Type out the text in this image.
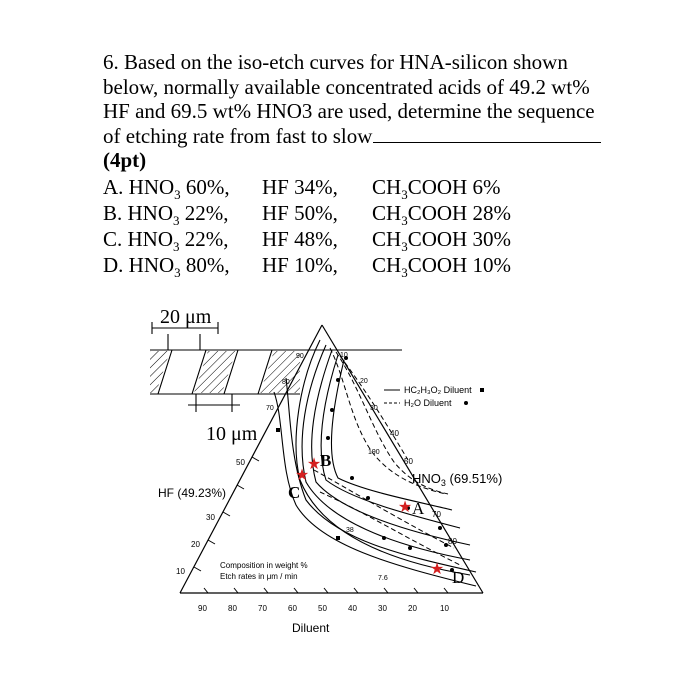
6. Based on the iso-etch curves for HNA-silicon shown

below, normally available concentrated acids of 49.2 wt%

HF and 69.5 wt% HNO3 are used, determine the sequence

of etching rate from fast to slow

(4pt)

A. $HNO_3$ 60%, HF 34%, $CH_3COOH$ 6%
B. $HNO_3$ 22%, HF 50%, $CH_3COOH$ 28%
C. $HNO_3$ 22%, HF 48%, $CH_3COOH$ 30%
D. $HNO_3$ 80%, HF 10%, $CH_3COOH$ 10%
★
★
★
★
20 μm
10 μm
HF (49.23%)
$HNO_3$ (69.51%)
Diluent
HC₂H₃O₂ Diluent
H₂O Diluent
Composition in weight %
Etch rates in μm / min
B
C
A
D
50
30
20
10
90	80	70	60	50	40	30	20	10
40
50
70
80
90
80
70	30
20
10
190
38
7.6
